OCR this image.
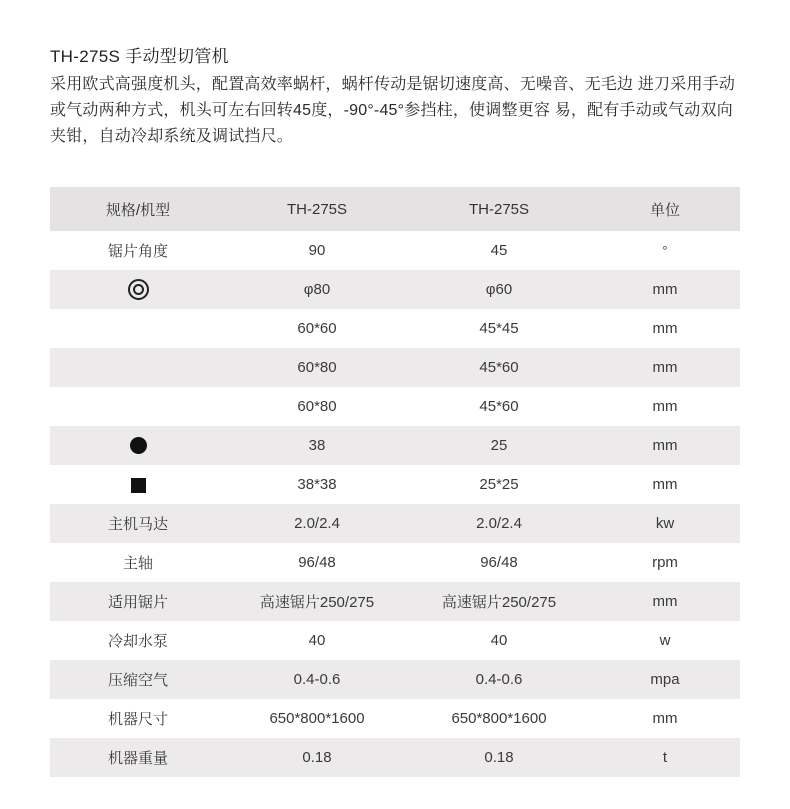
TH-275S 手动型切管机

采用欧式高强度机头，配置高效率蜗杆，蜗杆传动是锯切速度高、无噪音、无毛边 进刀采用手动或气动两种方式，机头可左右回转45度，-90°-45°参挡柱，使调整更容 易，配有手动或气动双向夹钳，自动冷却系统及调试挡尺。

规格/机型	TH-275S	TH-275S	单位
锯片角度	90	45	°
	φ80	φ60	mm
	60*60	45*45	mm
	60*80	45*60	mm
	60*80	45*60	mm
	38	25	mm
	38*38	25*25	mm
主机马达	2.0/2.4	2.0/2.4	kw
主轴	96/48	96/48	rpm
适用锯片	高速锯片250/275	高速锯片250/275	mm
冷却水泵	40	40	w
压缩空气	0.4-0.6	0.4-0.6	mpa
机器尺寸	650*800*1600	650*800*1600	mm
机器重量	0.18	0.18	t
